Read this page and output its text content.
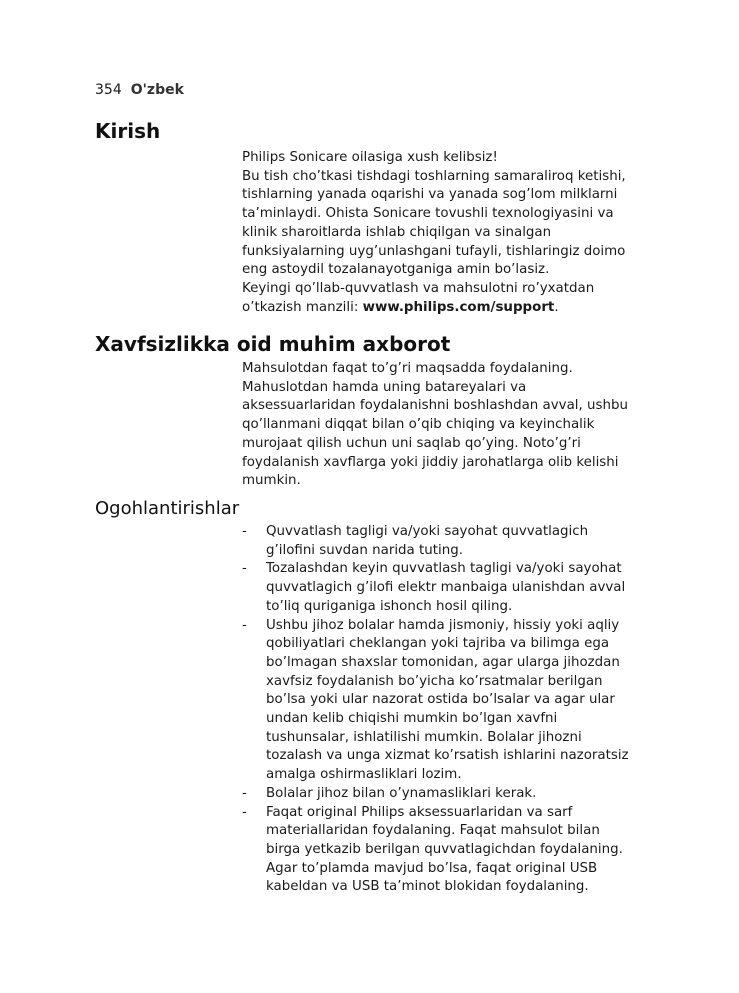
354 O'zbek
Kirish
Philips Sonicare oilasiga xush kelibsiz!
Bu tish cho’tkasi tishdagi toshlarning samaraliroq ketishi,
tishlarning yanada oqarishi va yanada sog’lom milklarni
ta’minlaydi. Ohista Sonicare tovushli texnologiyasini va
klinik sharoitlarda ishlab chiqilgan va sinalgan
funksiyalarning uyg’unlashgani tufayli, tishlaringiz doimo
eng astoydil tozalanayotganiga amin bo’lasiz.
Keyingi qo’llab-quvvatlash va mahsulotni ro’yxatdan
o’tkazish manzili: www.philips.com/support.
Xavfsizlikka oid muhim axborot
Mahsulotdan faqat to’g’ri maqsadda foydalaning.
Mahuslotdan hamda uning batareyalari va
aksessuarlaridan foydalanishni boshlashdan avval, ushbu
qo’llanmani diqqat bilan o’qib chiqing va keyinchalik
murojaat qilish uchun uni saqlab qo’ying. Noto’g’ri
foydalanish xavflarga yoki jiddiy jarohatlarga olib kelishi
mumkin.
Ogohlantirishlar
-	Quvvatlash tagligi va/yoki sayohat quvvatlagich
g’ilofini suvdan narida tuting.
-	Tozalashdan keyin quvvatlash tagligi va/yoki sayohat
quvvatlagich g’ilofi elektr manbaiga ulanishdan avval
to’liq quriganiga ishonch hosil qiling.
-	Ushbu jihoz bolalar hamda jismoniy, hissiy yoki aqliy
qobiliyatlari cheklangan yoki tajriba va bilimga ega
bo’lmagan shaxslar tomonidan, agar ularga jihozdan
xavfsiz foydalanish bo’yicha ko’rsatmalar berilgan
bo’lsa yoki ular nazorat ostida bo’lsalar va agar ular
undan kelib chiqishi mumkin bo’lgan xavfni
tushunsalar, ishlatilishi mumkin. Bolalar jihozni
tozalash va unga xizmat ko’rsatish ishlarini nazoratsiz
amalga oshirmasliklari lozim.
-	Bolalar jihoz bilan o’ynamasliklari kerak.
-	Faqat original Philips aksessuarlaridan va sarf
materiallaridan foydalaning. Faqat mahsulot bilan
birga yetkazib berilgan quvvatlagichdan foydalaning.
Agar to’plamda mavjud bo’lsa, faqat original USB
kabeldan va USB ta’minot blokidan foydalaning.
